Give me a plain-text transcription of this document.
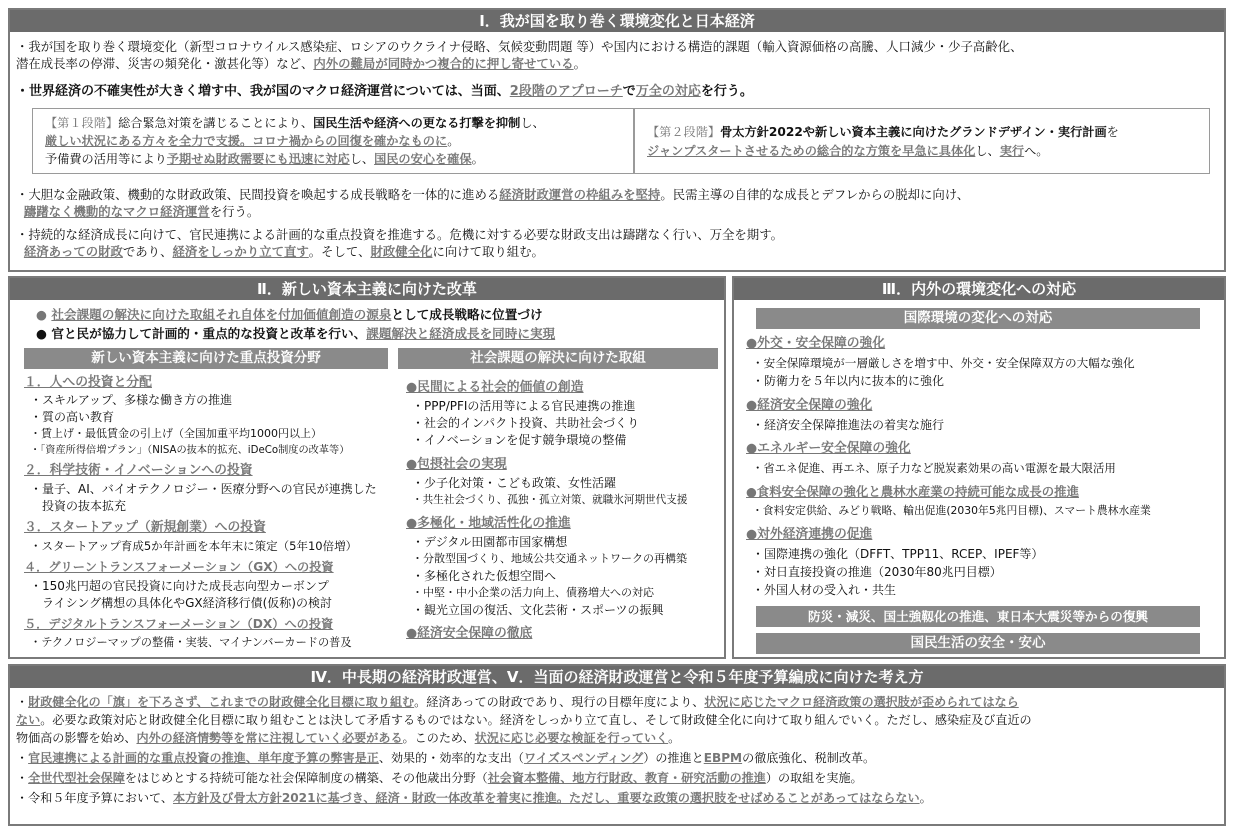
Ⅰ．我が国を取り巻く環境変化と日本経済
・我が国を取り巻く環境変化（新型コロナウイルス感染症、ロシアのウクライナ侵略、気候変動問題 等）や国内における構造的課題（輸入資源価格の高騰、人口減少・少子高齢化、
潜在成長率の停滞、災害の頻発化・激甚化等）など、内外の難局が同時かつ複合的に押し寄せている。
・世界経済の不確実性が大きく増す中、我が国のマクロ経済運営については、当面、2段階のアプローチで万全の対応を行う。
【第１段階】総合緊急対策を講じることにより、国民生活や経済への更なる打撃を抑制し、
厳しい状況にある方々を全力で支援。コロナ禍からの回復を確かなものに。
予備費の活用等により予期せぬ財政需要にも迅速に対応し、国民の安心を確保。
【第２段階】骨太方針2022や新しい資本主義に向けたグランドデザイン・実行計画を
ジャンプスタートさせるための総合的な方策を早急に具体化し、実行へ。
・大胆な金融政策、機動的な財政政策、民間投資を喚起する成長戦略を一体的に進める経済財政運営の枠組みを堅持。民需主導の自律的な成長とデフレからの脱却に向け、
躊躇なく機動的なマクロ経済運営を行う。
・持続的な経済成長に向けて、官民連携による計画的な重点投資を推進する。危機に対する必要な財政支出は躊躇なく行い、万全を期す。
経済あっての財政であり、経済をしっかり立て直す。そして、財政健全化に向けて取り組む。
Ⅱ．新しい資本主義に向けた改革
● 社会課題の解決に向けた取組それ自体を付加価値創造の源泉として成長戦略に位置づけ
● 官と民が協力して計画的・重点的な投資と改革を行い、課題解決と経済成長を同時に実現
新しい資本主義に向けた重点投資分野	社会課題の解決に向けた取組
１．人への投資と分配
・スキルアップ、多様な働き方の推進
・質の高い教育
・賃上げ・最低賃金の引上げ（全国加重平均1000円以上）
・「資産所得倍増プラン」（NISAの抜本的拡充、iDeCo制度の改革等）
２．科学技術・イノベーションへの投資
・量子、AI、バイオテクノロジー・医療分野への官民が連携した
　投資の抜本拡充
３．スタートアップ（新規創業）への投資
・スタートアップ育成5か年計画を本年末に策定（5年10倍増）
４．グリーントランスフォーメーション（GX）への投資
・150兆円超の官民投資に向けた成長志向型カーボンプ
　ライシング構想の具体化やGX経済移行債(仮称)の検討
５．デジタルトランスフォーメーション（DX）への投資
・テクノロジーマップの整備・実装、マイナンバーカードの普及
●民間による社会的価値の創造
・PPP/PFIの活用等による官民連携の推進
・社会的インパクト投資、共助社会づくり
・イノベーションを促す競争環境の整備
●包摂社会の実現
・少子化対策・こども政策、女性活躍
・共生社会づくり、孤独・孤立対策、就職氷河期世代支援
●多極化・地域活性化の推進
・デジタル田園都市国家構想
・分散型国づくり、地域公共交通ネットワークの再構築
・多極化された仮想空間へ
・中堅・中小企業の活力向上、債務増大への対応
・観光立国の復活、文化芸術・スポーツの振興
●経済安全保障の徹底
Ⅲ．内外の環境変化への対応
国際環境の変化への対応
●外交・安全保障の強化
・安全保障環境が一層厳しさを増す中、外交・安全保障双方の大幅な強化
・防衛力を５年以内に抜本的に強化
●経済安全保障の強化
・経済安全保障推進法の着実な施行
●エネルギー安全保障の強化
・省エネ促進、再エネ、原子力など脱炭素効果の高い電源を最大限活用
●食料安全保障の強化と農林水産業の持続可能な成長の推進
・食料安定供給、みどり戦略、輸出促進(2030年5兆円目標)、スマート農林水産業
●対外経済連携の促進
・国際連携の強化（DFFT、TPP11、RCEP、IPEF等）
・対日直接投資の推進（2030年80兆円目標）
・外国人材の受入れ・共生
防災・減災、国土強靱化の推進、東日本大震災等からの復興
国民生活の安全・安心
Ⅳ．中長期の経済財政運営、Ⅴ．当面の経済財政運営と令和５年度予算編成に向けた考え方
・財政健全化の「旗」を下ろさず、これまでの財政健全化目標に取り組む。経済あっての財政であり、現行の目標年度により、状況に応じたマクロ経済政策の選択肢が歪められてはなら
ない。必要な政策対応と財政健全化目標に取り組むことは決して矛盾するものではない。経済をしっかり立て直し、そして財政健全化に向けて取り組んでいく。ただし、感染症及び直近の
物価高の影響を始め、内外の経済情勢等を常に注視していく必要がある。このため、状況に応じ必要な検証を行っていく。
・官民連携による計画的な重点投資の推進、単年度予算の弊害是正、効果的・効率的な支出（ワイズスペンディング）の推進とEBPMの徹底強化、税制改革。
・全世代型社会保障をはじめとする持続可能な社会保障制度の構築、その他歳出分野（社会資本整備、地方行財政、教育・研究活動の推進）の取組を実施。
・令和５年度予算において、本方針及び骨太方針2021に基づき、経済・財政一体改革を着実に推進。ただし、重要な政策の選択肢をせばめることがあってはならない。
